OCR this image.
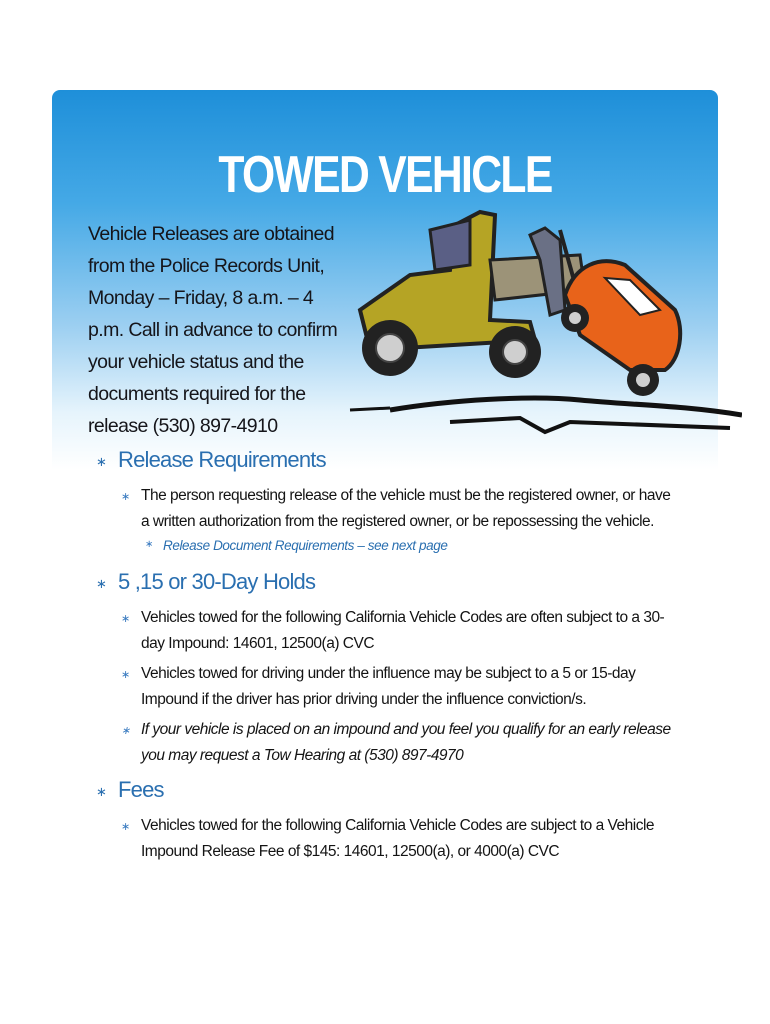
TOWED VEHICLE
Vehicle Releases are obtained from the Police Records Unit, Monday – Friday, 8 a.m. – 4 p.m. Call in advance to confirm your vehicle status and the documents required for the release (530) 897-4910
∗ Release Requirements
∗ The person requesting release of the vehicle must be the registered owner, or have a written authorization from the registered owner, or be repossessing the vehicle.
∗ Release Document Requirements – see next page
∗ 5 ,15 or 30-Day Holds
∗ Vehicles towed for the following California Vehicle Codes are often subject to a 30-day Impound: 14601, 12500(a) CVC
∗ Vehicles towed for driving under the influence may be subject to a 5 or 15-day Impound if the driver has prior driving under the influence conviction/s.
∗ If your vehicle is placed on an impound and you feel you qualify for an early release you may request a Tow Hearing at (530) 897-4970
∗ Fees
∗ Vehicles towed for the following California Vehicle Codes are subject to a Vehicle Impound Release Fee of $145: 14601, 12500(a), or 4000(a) CVC
